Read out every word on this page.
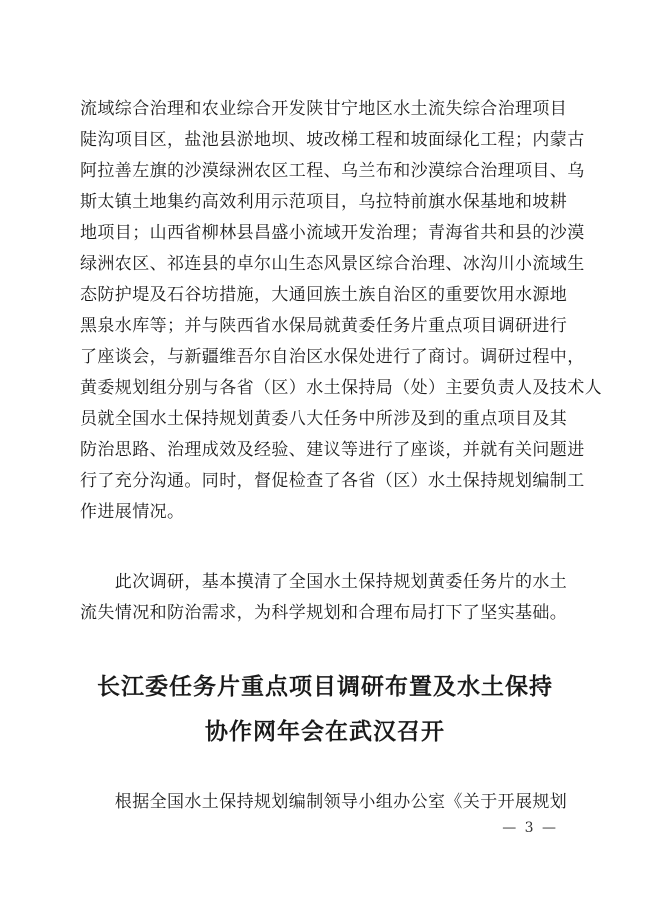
流域综合治理和农业综合开发陕甘宁地区水土流失综合治理项目
陡沟项目区，盐池县淤地坝、坡改梯工程和坡面绿化工程；内蒙古
阿拉善左旗的沙漠绿洲农区工程、乌兰布和沙漠综合治理项目、乌
斯太镇土地集约高效利用示范项目，乌拉特前旗水保基地和坡耕
地项目；山西省柳林县昌盛小流域开发治理；青海省共和县的沙漠
绿洲农区、祁连县的卓尔山生态风景区综合治理、冰沟川小流域生
态防护堤及石谷坊措施，大通回族土族自治区的重要饮用水源地
黑泉水库等；并与陕西省水保局就黄委任务片重点项目调研进行
了座谈会，与新疆维吾尔自治区水保处进行了商讨。调研过程中，
黄委规划组分别与各省（区）水土保持局（处）主要负责人及技术人
员就全国水土保持规划黄委八大任务中所涉及到的重点项目及其
防治思路、治理成效及经验、建议等进行了座谈，并就有关问题进
行了充分沟通。同时，督促检查了各省（区）水土保持规划编制工
作进展情况。
　　此次调研，基本摸清了全国水土保持规划黄委任务片的水土
流失情况和防治需求，为科学规划和合理布局打下了坚实基础。
长江委任务片重点项目调研布置及水土保持
协作网年会在武汉召开
　　根据全国水土保持规划编制领导小组办公室《关于开展规划
— 3 —
